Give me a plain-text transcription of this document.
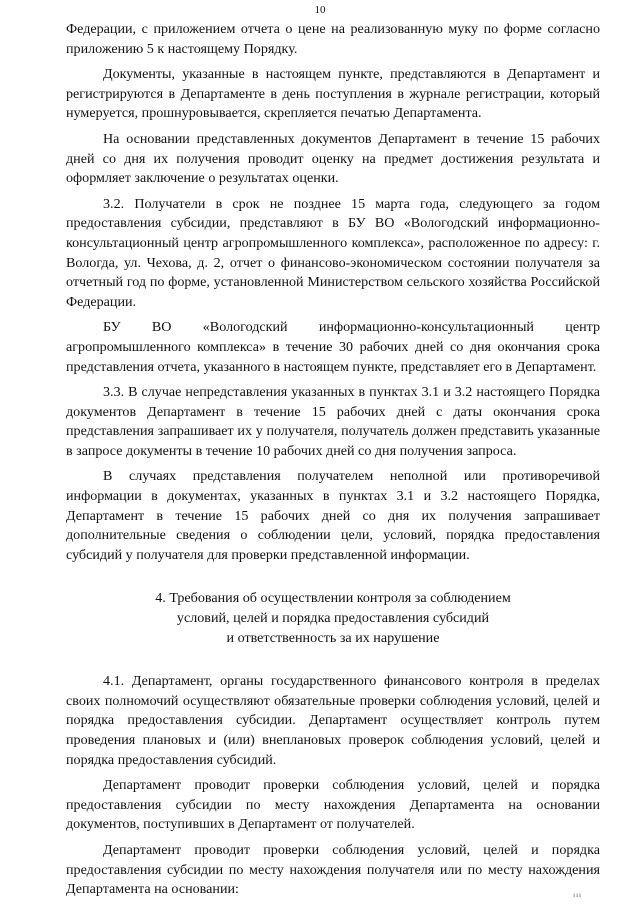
10

Федерации, с приложением отчета о цене на реализованную муку по форме согласно приложению 5 к настоящему Порядку.

Документы, указанные в настоящем пункте, представляются в Департамент и регистрируются в Департаменте в день поступления в журнале регистрации, который нумеруется, прошнуровывается, скрепляется печатью Департамента.

На основании представленных документов Департамент в течение 15 рабочих дней со дня их получения проводит оценку на предмет достижения результата и оформляет заключение о результатах оценки.

3.2. Получатели в срок не позднее 15 марта года, следующего за годом предоставления субсидии, представляют в БУ ВО «Вологодский информационно-консультационный центр агропромышленного комплекса», расположенное по адресу: г. Вологда, ул. Чехова, д. 2, отчет о финансово-экономическом состоянии получателя за отчетный год по форме, установленной Министерством сельского хозяйства Российской Федерации.

БУ ВО «Вологодский информационно-консультационный центр агропромышленного комплекса» в течение 30 рабочих дней со дня окончания срока представления отчета, указанного в настоящем пункте, представляет его в Департамент.

3.3. В случае непредставления указанных в пунктах 3.1 и 3.2 настоящего Порядка документов Департамент в течение 15 рабочих дней с даты окончания срока представления запрашивает их у получателя, получатель должен представить указанные в запросе документы в течение 10 рабочих дней со дня получения запроса.

В случаях представления получателем неполной или противоречивой информации в документах, указанных в пунктах 3.1 и 3.2 настоящего Порядка, Департамент в течение 15 рабочих дней со дня их получения запрашивает дополнительные сведения о соблюдении цели, условий, порядка предоставления субсидий у получателя для проверки представленной информации.

4. Требования об осуществлении контроля за соблюдением
условий, целей и порядка предоставления субсидий
и ответственность за их нарушение

4.1. Департамент, органы государственного финансового контроля в пределах своих полномочий осуществляют обязательные проверки соблюдения условий, целей и порядка предоставления субсидии. Департамент осуществляет контроль путем проведения плановых и (или) внеплановых проверок соблюдения условий, целей и порядка предоставления субсидий.

Департамент проводит проверки соблюдения условий, целей и порядка предоставления субсидии по месту нахождения Департамента на основании документов, поступивших в Департамент от получателей.

Департамент проводит проверки соблюдения условий, целей и порядка предоставления субсидии по месту нахождения получателя или по месту нахождения Департамента на основании:	ııı
